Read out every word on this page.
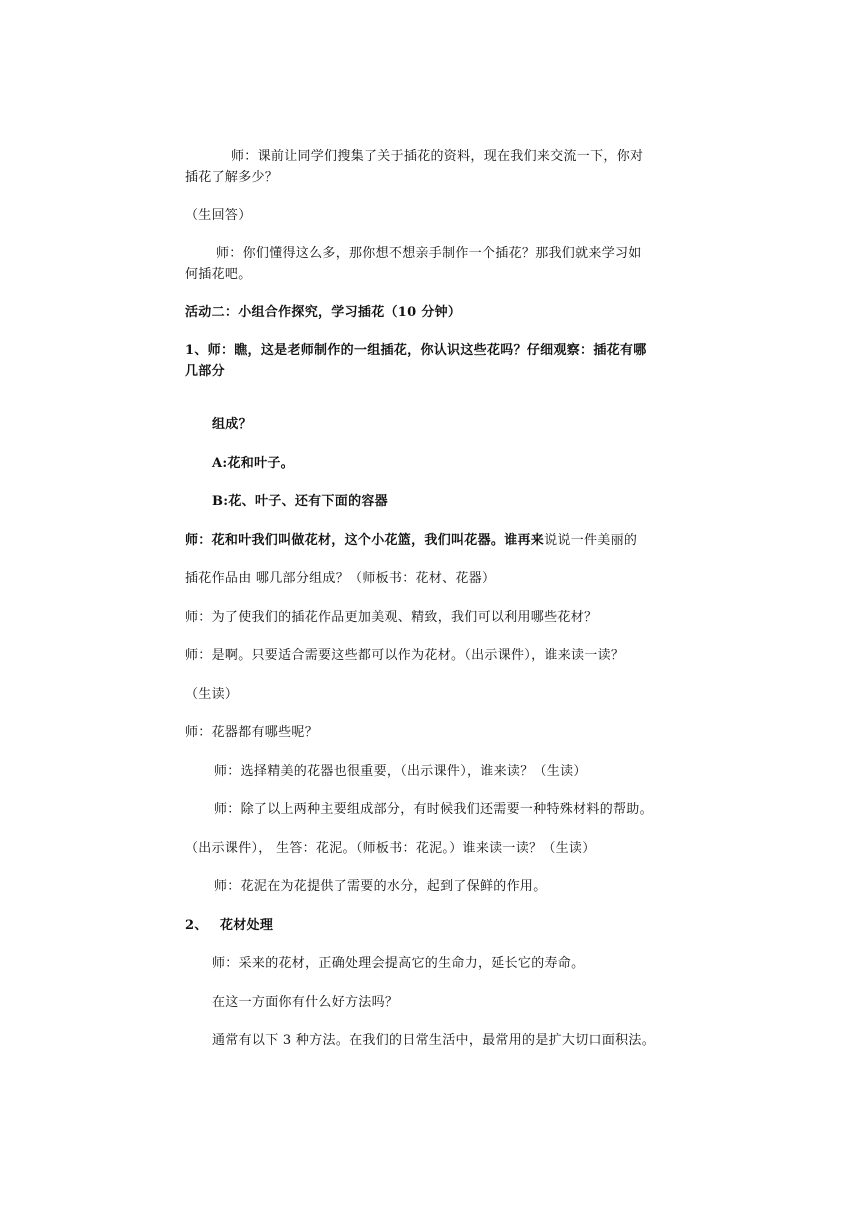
师：课前让同学们搜集了关于插花的资料，现在我们来交流一下，你对
插花了解多少？
（生回答）
师：你们懂得这么多，那你想不想亲手制作一个插花？那我们就来学习如
何插花吧。
活动二：小组合作探究，学习插花（10 分钟）
1、师：瞧，这是老师制作的一组插花，你认识这些花吗？仔细观察：插花有哪
几部分
组成？
A:花和叶子。
B:花、叶子、还有下面的容器
师：花和叶我们叫做花材，这个小花篮，我们叫花器。谁再来说说一件美丽的
插花作品由 哪几部分组成？（师板书：花材、花器）
师：为了使我们的插花作品更加美观、精致，我们可以利用哪些花材？
师：是啊。只要适合需要这些都可以作为花材。（出示课件），谁来读一读？
（生读）
师：花器都有哪些呢？
师：选择精美的花器也很重要，（出示课件），谁来读？（生读）
师：除了以上两种主要组成部分，有时候我们还需要一种特殊材料的帮助。
（出示课件）， 生答：花泥。（师板书：花泥。）谁来读一读？（生读）
师：花泥在为花提供了需要的水分，起到了保鲜的作用。
2、 花材处理
师：采来的花材，正确处理会提高它的生命力，延长它的寿命。
在这一方面你有什么好方法吗？
通常有以下 3 种方法。在我们的日常生活中，最常用的是扩大切口面积法。
